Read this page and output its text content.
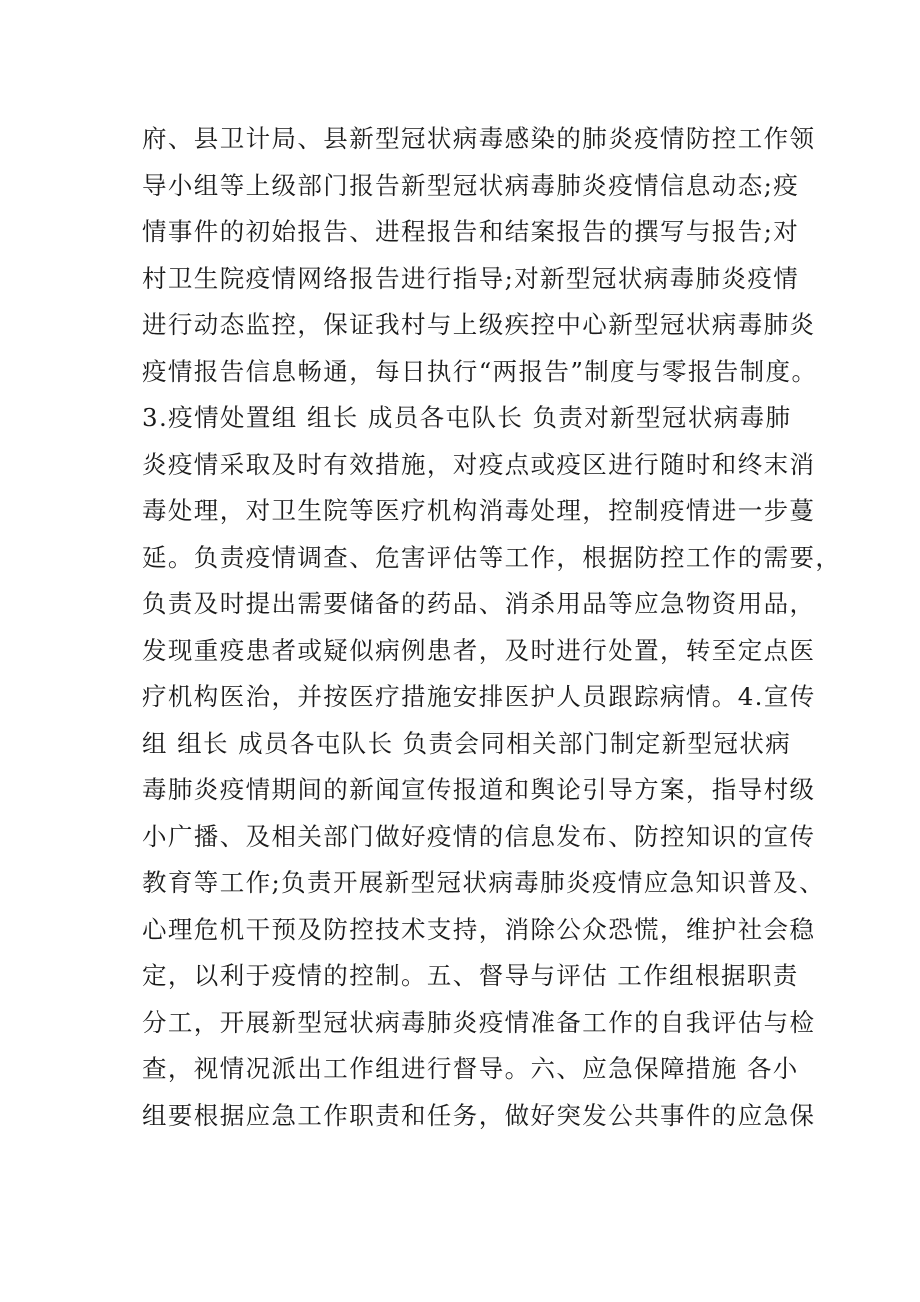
府、县卫计局、县新型冠状病毒感染的肺炎疫情防控工作领
导小组等上级部门报告新型冠状病毒肺炎疫情信息动态;疫
情事件的初始报告、进程报告和结案报告的撰写与报告;对
村卫生院疫情网络报告进行指导;对新型冠状病毒肺炎疫情
进行动态监控，保证我村与上级疾控中心新型冠状病毒肺炎
疫情报告信息畅通，每日执行“两报告”制度与零报告制度。
3.疫情处置组 组长 成员各屯队长 负责对新型冠状病毒肺
炎疫情采取及时有效措施，对疫点或疫区进行随时和终末消
毒处理，对卫生院等医疗机构消毒处理，控制疫情进一步蔓
延。负责疫情调查、危害评估等工作，根据防控工作的需要，
负责及时提出需要储备的药品、消杀用品等应急物资用品，
发现重疫患者或疑似病例患者，及时进行处置，转至定点医
疗机构医治，并按医疗措施安排医护人员跟踪病情。4.宣传
组 组长 成员各屯队长 负责会同相关部门制定新型冠状病
毒肺炎疫情期间的新闻宣传报道和舆论引导方案，指导村级
小广播、及相关部门做好疫情的信息发布、防控知识的宣传
教育等工作;负责开展新型冠状病毒肺炎疫情应急知识普及、
心理危机干预及防控技术支持，消除公众恐慌，维护社会稳
定，以利于疫情的控制。五、督导与评估 工作组根据职责
分工，开展新型冠状病毒肺炎疫情准备工作的自我评估与检
查，视情况派出工作组进行督导。六、应急保障措施 各小
组要根据应急工作职责和任务，做好突发公共事件的应急保
